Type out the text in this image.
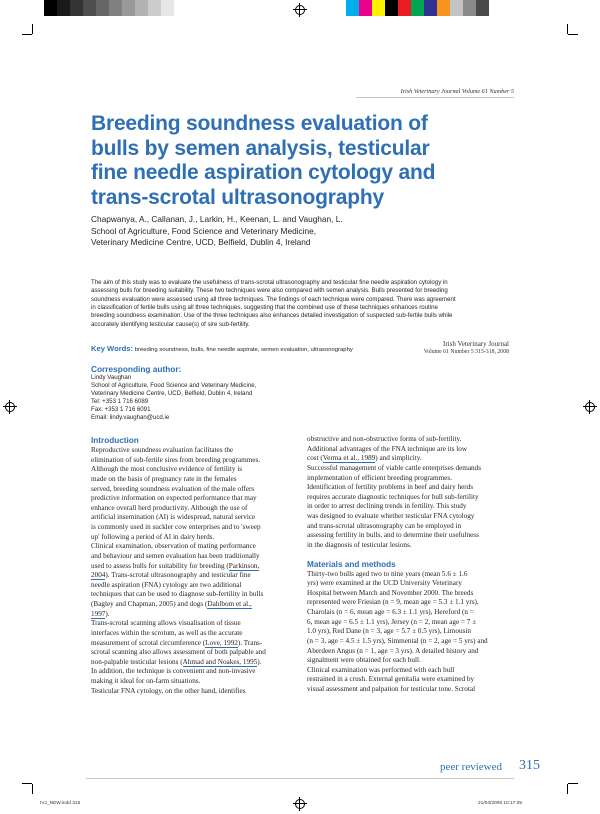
Irish Veterinary Journal Volume 61 Number 5
Breeding soundness evaluation of
bulls by semen analysis, testicular
fine needle aspiration cytology and
trans-scrotal ultrasonography
Chapwanya, A., Callanan, J., Larkin, H., Keenan, L. and Vaughan, L.
School of Agriculture, Food Science and Veterinary Medicine,
Veterinary Medicine Centre, UCD, Belfield, Dublin 4, Ireland
The aim of this study was to evaluate the usefulness of trans-scrotal ultrasonography and testicular fine needle aspiration cytology in
assessing bulls for breeding suitability. These two techniques were also compared with semen analysis. Bulls presented for breeding
soundness evaluation were assessed using all three techniques. The findings of each technique were compared. There was agreement
in classification of fertile bulls using all three techniques, suggesting that the combined use of these techniques enhances routine
breeding soundness examination. Use of the three techniques also enhances detailed investigation of suspected sub-fertile bulls while
accurately identifying testicular cause(s) of sire sub-fertility.
Key Words: breeding soundness, bulls, fine needle aspirate, semen evaluation, ultrasonography
Irish Veterinary Journal
Volume 61 Number 5 315-318, 2008
Corresponding author:
Lindy Vaughan
School of Agriculture, Food Science and Veterinary Medicine,
Veterinary Medicine Centre, UCD, Belfield, Dublin 4, Ireland
Tel: +353 1 716 6089
Fax: +353 1 716 6091
Email: lindy.vaughan@ucd.ie
Introduction
Reproductive soundness evaluation facilitates the
elimination of sub-fertile sires from breeding programmes.
Although the most conclusive evidence of fertility is
made on the basis of pregnancy rate in the females
served, breeding soundness evaluation of the male offers
predictive information on expected performance that may
enhance overall herd productivity. Although the use of
artificial insemination (AI) is widespread, natural service
is commonly used in suckler cow enterprises and to 'sweep
up' following a period of AI in dairy herds.
Clinical examination, observation of mating performance
and behaviour and semen evaluation has been traditionally
used to assess bulls for suitability for breeding (Parkinson,
2004). Trans-scrotal ultrasonography and testicular fine
needle aspiration (FNA) cytology are two additional
techniques that can be used to diagnose sub-fertility in bulls
(Bagley and Chapman, 2005) and dogs (Dahlbom et al.,
1997).
Trans-scrotal scanning allows visualisation of tissue
interfaces within the scrotum, as well as the accurate
measurement of scrotal circumference (Love, 1992). Trans-
scrotal scanning also allows assessment of both palpable and
non-palpable testicular lesions (Ahmad and Noakes, 1995).
In addition, the technique is convenient and non-invasive
making it ideal for on-farm situations.
Testicular FNA cytology, on the other hand, identifies
obstructive and non-obstructive forms of sub-fertility.
Additional advantages of the FNA technique are its low
cost (Verma et al., 1989) and simplicity.
Successful management of viable cattle enterprises demands
implementation of efficient breeding programmes.
Identification of fertility problems in beef and dairy herds
requires accurate diagnostic techniques for bull sub-fertility
in order to arrest declining trends in fertility. This study
was designed to evaluate whether testicular FNA cytology
and trans-scrotal ultrasonography can be employed in
assessing fertility in bulls, and to determine their usefulness
in the diagnosis of testicular lesions.
Materials and methods
Thirty-two bulls aged two to nine years (mean 5.6 ± 1.6
yrs) were examined at the UCD University Veterinary
Hospital between March and November 2000. The breeds
represented were Friesian (n = 9, mean age = 5.3 ± 1.1 yrs),
Charolais (n = 6, mean age = 6.3 ± 1.1 yrs), Hereford (n =
6, mean age = 6.5 ± 1.1 yrs), Jersey (n = 2, mean age = 7 ±
1.0 yrs), Red Dane (n = 3, age = 5.7 ± 0.5 yrs), Limousin
(n = 3, age = 4.5 ± 1.5 yrs), Simmental (n = 2, age = 5 yrs) and
Aberdeen Angus (n = 1, age = 3 yrs). A detailed history and
signalment were obtained for each bull.
Clinical examination was performed with each bull
restrained in a crush. External genitalia were examined by
visual assessment and palpation for testicular tone. Scrotal
peer reviewed 315
IVJ_NEW.indd 315	21/04/2008 10:17:35
